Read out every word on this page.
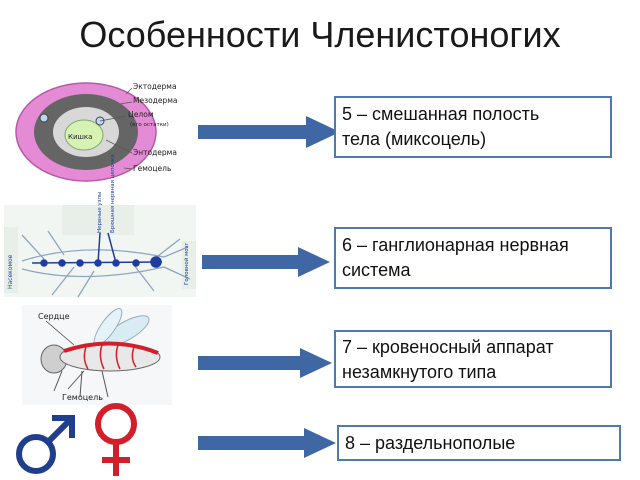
Особенности Членистоногих
Кишка
Эктодерма
Мезодерма
Целом
(его остатки)
Энтодерма
Гемоцель
Насекомое	Головной мозг
Нервные узлы Брюшная нервная цепочка
Сердце
Гемоцель
5 – смешанная полость
тела (миксоцель)
6 – ганглионарная нервная
система
7 – кровеносный аппарат
незамкнутого типа
8 – раздельнополые
